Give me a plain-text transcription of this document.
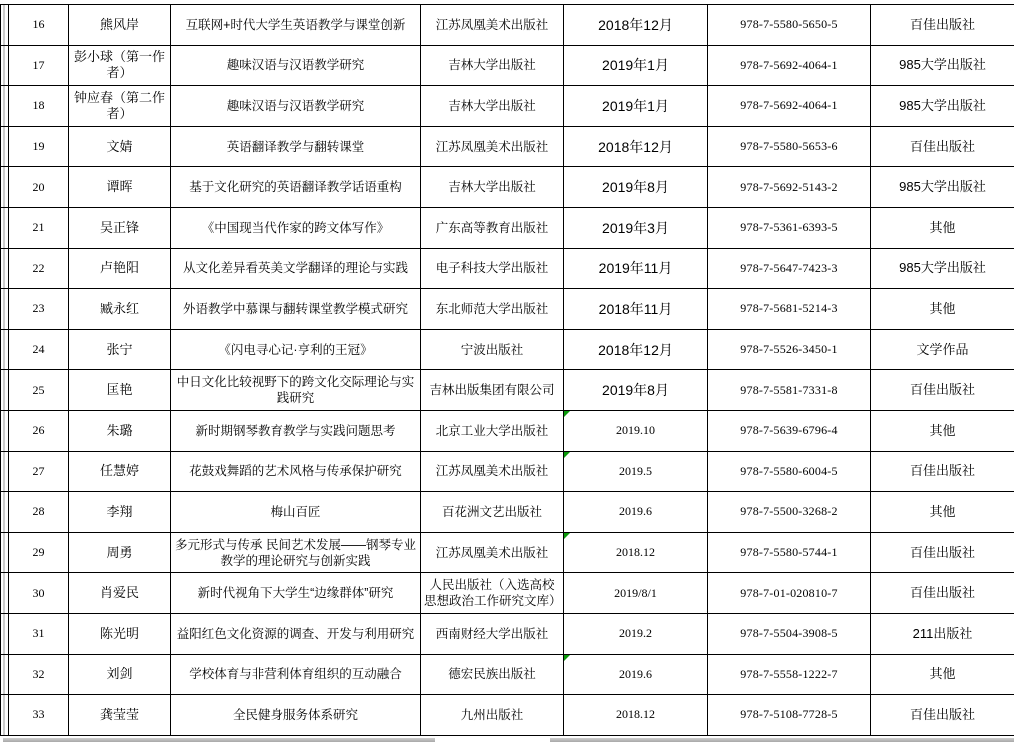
	16	熊风岸	互联网+时代大学生英语教学与课堂创新	江苏凤凰美术出版社	2018年12月	978-7-5580-5650-5	百佳出版社
	17	彭小球（第一作者）	趣味汉语与汉语教学研究	吉林大学出版社	2019年1月	978-7-5692-4064-1	985大学出版社
	18	钟应春（第二作者）	趣味汉语与汉语教学研究	吉林大学出版社	2019年1月	978-7-5692-4064-1	985大学出版社
	19	文婧	英语翻译教学与翻转课堂	江苏凤凰美术出版社	2018年12月	978-7-5580-5653-6	百佳出版社
	20	谭晖	基于文化研究的英语翻译教学话语重构	吉林大学出版社	2019年8月	978-7-5692-5143-2	985大学出版社
	21	吴正锋	《中国现当代作家的跨文体写作》	广东高等教育出版社	2019年3月	978-7-5361-6393-5	其他
	22	卢艳阳	从文化差异看英美文学翻译的理论与实践	电子科技大学出版社	2019年11月	978-7-5647-7423-3	985大学出版社
	23	臧永红	外语教学中慕课与翻转课堂教学模式研究	东北师范大学出版社	2018年11月	978-7-5681-5214-3	其他
	24	张宁	《闪电寻心记·亨利的王冠》	宁波出版社	2018年12月	978-7-5526-3450-1	文学作品
	25	匡艳	中日文化比较视野下的跨文化交际理论与实践研究	吉林出版集团有限公司	2019年8月	978-7-5581-7331-8	百佳出版社
	26	朱璐	新时期钢琴教育教学与实践问题思考	北京工业大学出版社	2019.10	978-7-5639-6796-4	其他
	27	任慧婷	花鼓戏舞蹈的艺术风格与传承保护研究	江苏凤凰美术出版社	2019.5	978-7-5580-6004-5	百佳出版社
	28	李翔	梅山百匠	百花洲文艺出版社	2019.6	978-7-5500-3268-2	其他
	29	周勇	多元形式与传承 民间艺术发展——钢琴专业教学的理论研究与创新实践	江苏凤凰美术出版社	2018.12	978-7-5580-5744-1	百佳出版社
	30	肖爱民	新时代视角下大学生“边缘群体”研究	人民出版社（入选高校思想政治工作研究文库）	2019/8/1	978-7-01-020810-7	百佳出版社
	31	陈光明	益阳红色文化资源的调查、开发与利用研究	西南财经大学出版社	2019.2	978-7-5504-3908-5	211出版社
	32	刘剑	学校体育与非营利体育组织的互动融合	德宏民族出版社	2019.6	978-7-5558-1222-7	其他
	33	龚莹莹	全民健身服务体系研究	九州出版社	2018.12	978-7-5108-7728-5	百佳出版社
